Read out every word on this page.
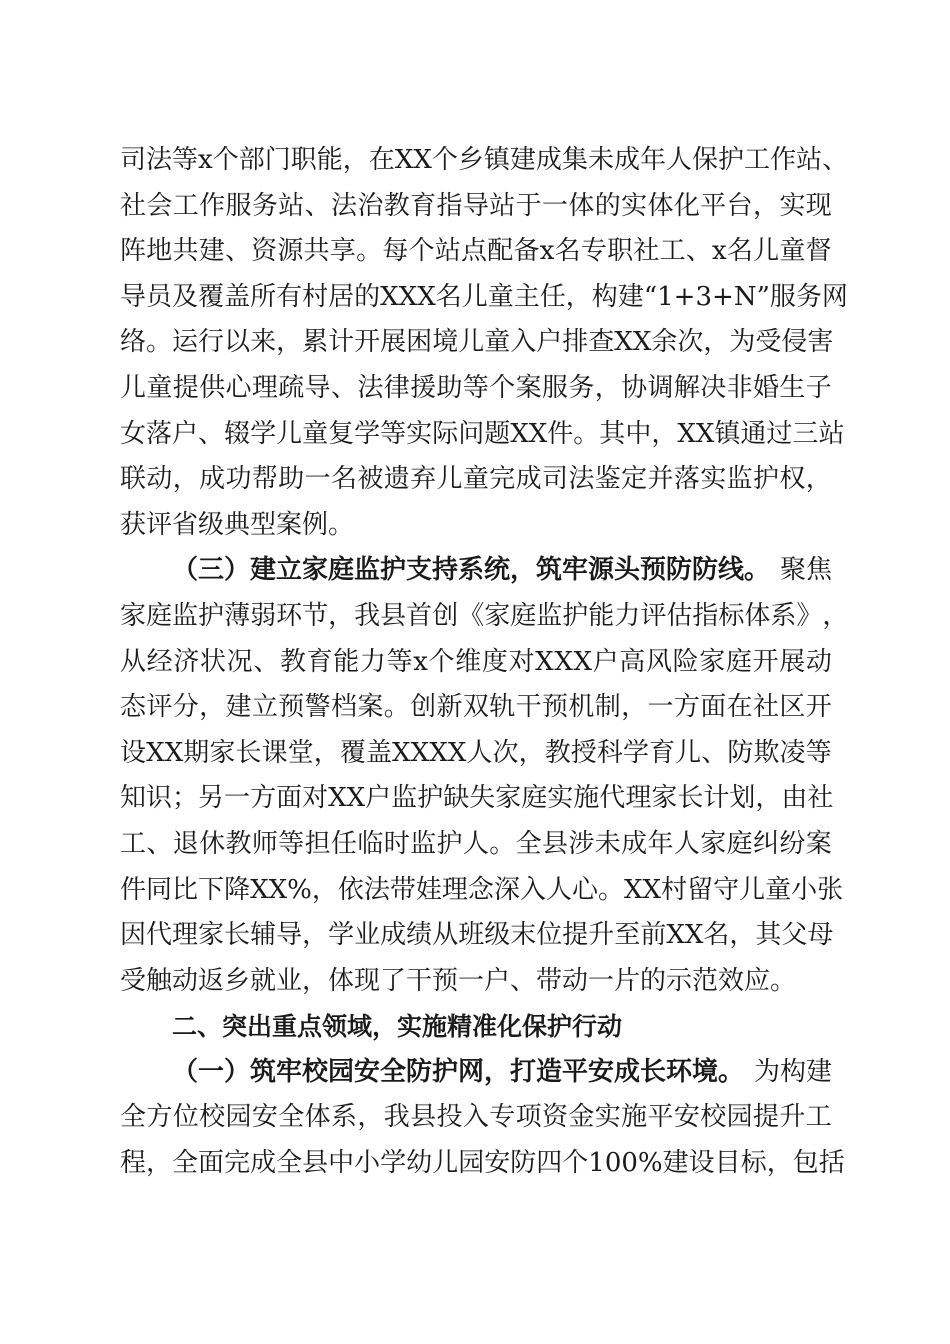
司 法 等 x 个 部 门 职 能 ， 在 X X 个 乡 镇 建 成 集 未 成 年 人 保 护 工 作 站 、
社 会 工 作 服 务 站 、 法 治 教 育 指 导 站 于 一 体 的 实 体 化 平 台 ， 实 现
阵 地 共 建 、 资 源 共 享 。 每 个 站 点 配 备 x 名 专 职 社 工 、 x 名 儿 童 督
导 员 及 覆 盖 所 有 村 居 的 X X X 名 儿 童 主 任 ， 构 建 “ 1 + 3 + N ” 服 务 网
络 。 运 行 以 来 ， 累 计 开 展 困 境 儿 童 入 户 排 查 X X 余 次 ， 为 受 侵 害
儿 童 提 供 心 理 疏 导 、 法 律 援 助 等 个 案 服 务 ， 协 调 解 决 非 婚 生 子
女 落 户 、 辍 学 儿 童 复 学 等 实 际 问 题 X X 件 。 其 中 ， X X 镇 通 过 三 站
联 动 ， 成 功 帮 助 一 名 被 遗 弃 儿 童 完 成 司 法 鉴 定 并 落 实 监 护 权 ，
获评省级典型案例。
（三）建立家庭监护支持系统，筑牢源头预防防线。 聚焦
家 庭 监 护 薄 弱 环 节 ， 我 县 首 创 《 家 庭 监 护 能 力 评 估 指 标 体 系 》 ，
从 经 济 状 况 、 教 育 能 力 等 x 个 维 度 对 X X X 户 高 风 险 家 庭 开 展 动
态 评 分 ， 建 立 预 警 档 案 。 创 新 双 轨 干 预 机 制 ， 一 方 面 在 社 区 开
设 X X 期 家 长 课 堂 ， 覆 盖 X X X X 人 次 ， 教 授 科 学 育 儿 、 防 欺 凌 等
知 识 ； 另 一 方 面 对 X X 户 监 护 缺 失 家 庭 实 施 代 理 家 长 计 划 ， 由 社
工 、 退 休 教 师 等 担 任 临 时 监 护 人 。 全 县 涉 未 成 年 人 家 庭 纠 纷 案
件 同 比 下 降 X X % ， 依 法 带 娃 理 念 深 入 人 心 。 X X 村 留 守 儿 童 小 张
因 代 理 家 长 辅 导 ， 学 业 成 绩 从 班 级 末 位 提 升 至 前 X X 名 ， 其 父 母
受触动返乡就业，体现了干预一户、带动一片的示范效应。
二、突出重点领域，实施精准化保护行动
（一）筑牢校园安全防护网，打造平安成长环境。 为构建
全 方 位 校 园 安 全 体 系 ， 我 县 投 入 专 项 资 金 实 施 平 安 校 园 提 升 工
程 ， 全 面 完 成 全 县 中 小 学 幼 儿 园 安 防 四 个 1 0 0 % 建 设 目 标 ， 包 括
